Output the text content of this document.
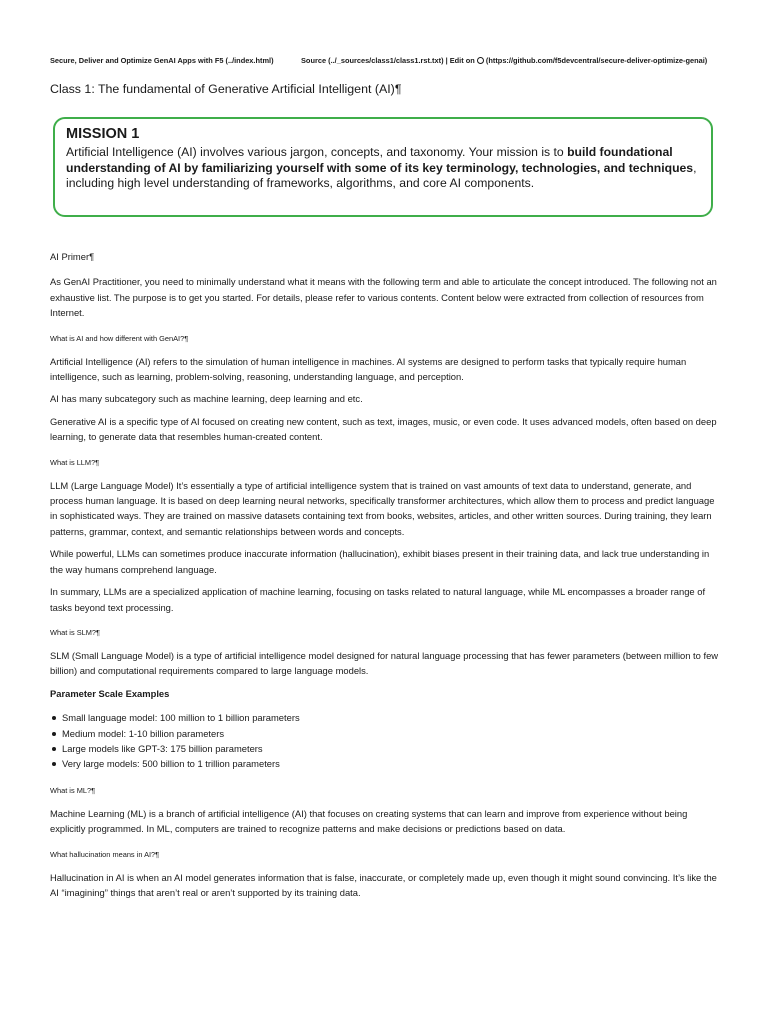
Secure, Deliver and Optimize GenAI Apps with F5 (../index.html)	Source (../_sources/class1/class1.rst.txt) | Edit on (https://github.com/f5devcentral/secure-deliver-optimize-genai)
Class 1: The fundamental of Generative Artificial Intelligent (AI)¶
MISSION 1

Artificial Intelligence (AI) involves various jargon, concepts, and taxonomy. Your mission is to build foundational understanding of AI by familiarizing yourself with some of its key terminology, technologies, and techniques, including high level understanding of frameworks, algorithms, and core AI components.

AI Primer¶

As GenAI Practitioner, you need to minimally understand what it means with the following term and able to articulate the concept introduced. The following not an exhaustive list. The purpose is to get you started. For details, please refer to various contents. Content below were extracted from collection of resources from Internet.

What is AI and how different with GenAI?¶

Artificial Intelligence (AI) refers to the simulation of human intelligence in machines. AI systems are designed to perform tasks that typically require human intelligence, such as learning, problem-solving, reasoning, understanding language, and perception.

AI has many subcategory such as machine learning, deep learning and etc.

Generative AI is a specific type of AI focused on creating new content, such as text, images, music, or even code. It uses advanced models, often based on deep learning, to generate data that resembles human-created content.

What is LLM?¶

LLM (Large Language Model) It’s essentially a type of artificial intelligence system that is trained on vast amounts of text data to understand, generate, and process human language. It is based on deep learning neural networks, specifically transformer architectures, which allow them to process and predict language in sophisticated ways. They are trained on massive datasets containing text from books, websites, articles, and other written sources. During training, they learn patterns, grammar, context, and semantic relationships between words and concepts.

While powerful, LLMs can sometimes produce inaccurate information (hallucination), exhibit biases present in their training data, and lack true understanding in the way humans comprehend language.

In summary, LLMs are a specialized application of machine learning, focusing on tasks related to natural language, while ML encompasses a broader range of tasks beyond text processing.

What is SLM?¶

SLM (Small Language Model) is a type of artificial intelligence model designed for natural language processing that has fewer parameters (between million to few billion) and computational requirements compared to large language models.

Parameter Scale Examples

Small language model: 100 million to 1 billion parameters
Medium model: 1-10 billion parameters
Large models like GPT-3: 175 billion parameters
Very large models: 500 billion to 1 trillion parameters

What is ML?¶

Machine Learning (ML) is a branch of artificial intelligence (AI) that focuses on creating systems that can learn and improve from experience without being explicitly programmed. In ML, computers are trained to recognize patterns and make decisions or predictions based on data.

What hallucination means in AI?¶

Hallucination in AI is when an AI model generates information that is false, inaccurate, or completely made up, even though it might sound convincing. It’s like the AI “imagining” things that aren’t real or aren’t supported by its training data.
